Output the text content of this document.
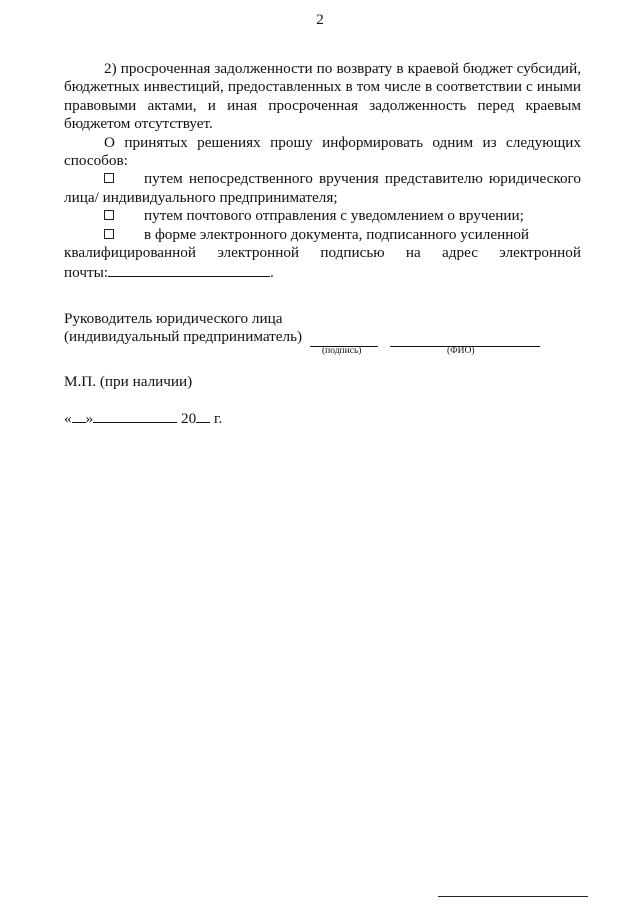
2

2) просроченная задолженности по возврату в краевой бюджет субсидий, бюджетных инвестиций, предоставленных в том числе в соответствии с иными правовыми актами, и иная просроченная задолженность перед краевым бюджетом отсутствует.

О принятых решениях прошу информировать одним из следующих способов:

путем непосредственного вручения представителю юридического лица/ индивидуального предпринимателя;

путем почтового отправления с уведомлением о вручении;

в форме электронного документа, подписанного усиленной

квалифицированной электронной подписью на адрес электронной

почты:	.

Руководитель юридического лица
(индивидуальный предприниматель)
(подпись)	(ФИО)
М.П. (при наличии)
« »	20 г.
